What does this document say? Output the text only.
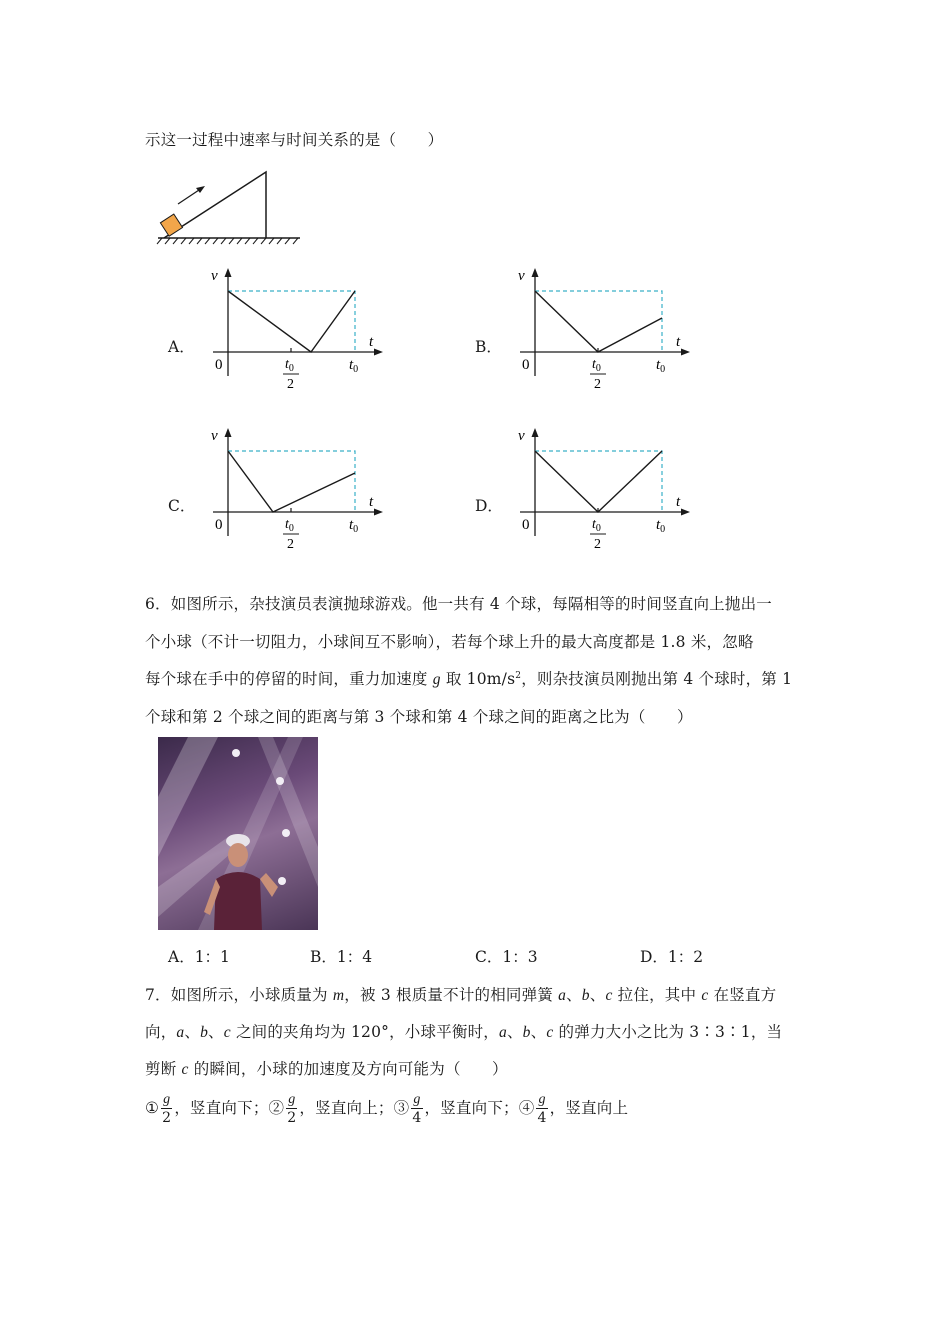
示这一过程中速率与时间关系的是（　　）
A．	B．
C．	D．
v
t
0	$t_0$
$t_0$
2
v
t
0	$t_0$
$t_0$
2
v
t
0	$t_0$
$t_0$
2
v
t
0	$t_0$
$t_0$
2
6．如图所示，杂技演员表演抛球游戏。他一共有 4 个球，每隔相等的时间竖直向上抛出一
个小球（不计一切阻力，小球间互不影响），若每个球上升的最大高度都是 1.8 米，忽略
每个球在手中的停留的时间，重力加速度 g 取 $10m/s^2$，则杂技演员刚抛出第 4 个球时，第 1
个球和第 2 个球之间的距离与第 3 个球和第 4 个球之间的距离之比为（　　）
A．1：1	B．1：4	C．1：3	D．1：2
7．如图所示，小球质量为 m，被 3 根质量不计的相同弹簧 a、b、c 拉住，其中 c 在竖直方
向，a、b、c 之间的夹角均为 120°，小球平衡时，a、b、c 的弹力大小之比为 3∶3∶1，当
剪断 c 的瞬间，小球的加速度及方向可能为（　　）
① $\frac{g}{2}$ ，竖直向下；② $\frac{g}{2}$ ，竖直向上；③ $\frac{g}{4}$ ，竖直向下；④ $\frac{g}{4}$ ，竖直向上
